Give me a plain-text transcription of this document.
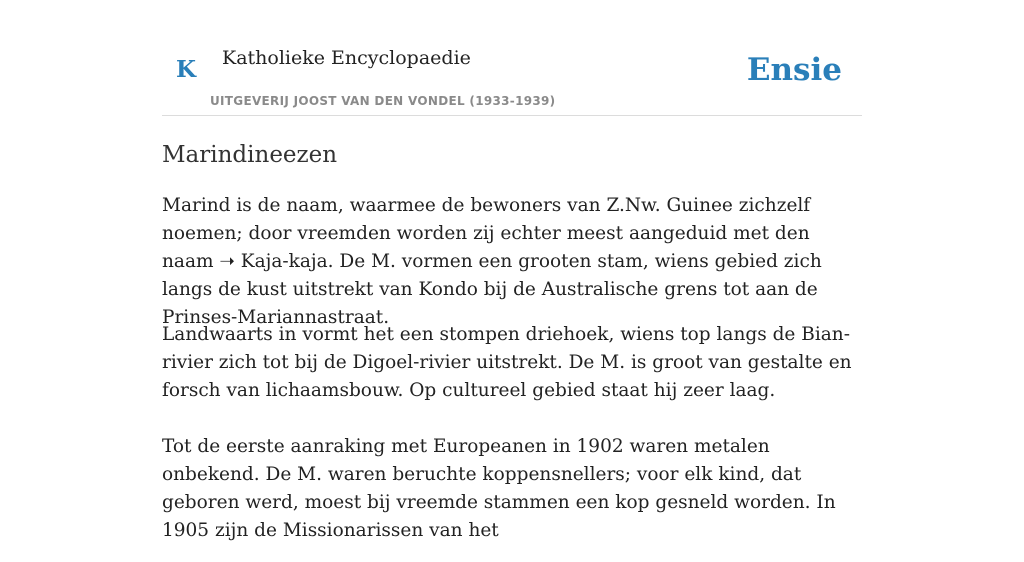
K Katholieke Encyclopaedie
UITGEVERIJ JOOST VAN DEN VONDEL (1933-1939)
Ensie
Marindineezen

Marind is de naam, waarmee de bewoners van Z.Nw. Guinee zichzelf noemen; door vreemden worden zij echter meest aangeduid met den naam ➝ Kaja-kaja. De M. vormen een grooten stam, wiens gebied zich langs de kust uitstrekt van Kondo bij de Australische grens tot aan de Prinses-Mariannastraat.

Landwaarts in vormt het een stompen driehoek, wiens top langs de Bian-rivier zich tot bij de Digoel-rivier uitstrekt. De M. is groot van gestalte en forsch van lichaamsbouw. Op cultureel gebied staat hij zeer laag.

Tot de eerste aanraking met Europeanen in 1902 waren metalen onbekend. De M. waren beruchte koppensnellers; voor elk kind, dat geboren werd, moest bij vreemde stammen een kop gesneld worden. In 1905 zijn de Missionarissen van het
